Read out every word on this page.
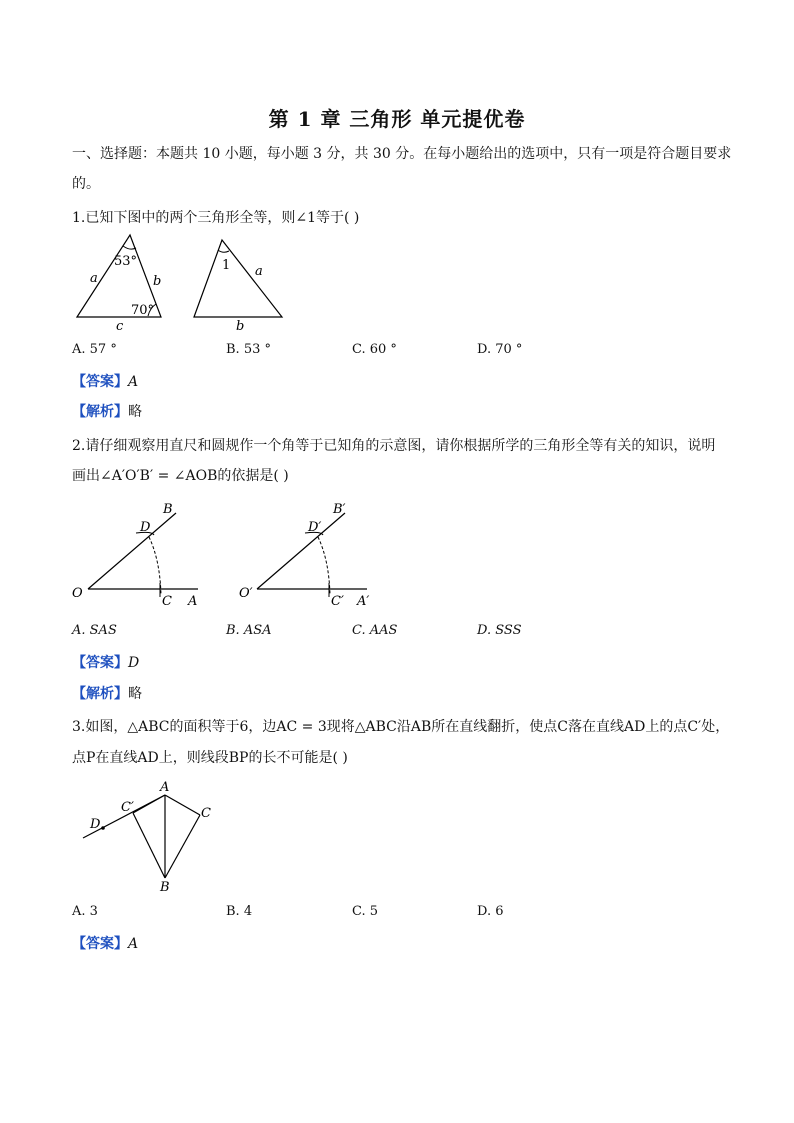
第 1 章 三角形 单元提优卷
一、选择题：本题共 10 小题，每小题 3 分，共 30 分。在每小题给出的选项中，只有一项是符合题目要求
的。
1.已知下图中的两个三角形全等，则∠1等于( )
53°
70°
a	b
c
1 a
b
A. 57 °	B. 53 °	C. 60 °	D. 70 °
【答案】A
【解析】略
2.请仔细观察用直尺和圆规作一个角等于已知角的示意图，请你根据所学的三角形全等有关的知识，说明
画出∠A′O′B′ = ∠AOB的依据是( )
B
D
O
C A
B′
D′
O′
C′ A′
A. SAS	B. ASA	C. AAS	D. SSS
【答案】D
【解析】略
3.如图，△ABC的面积等于6，边AC = 3现将△ABC沿AB所在直线翻折，使点C落在直线AD上的点C′处，
点P在直线AD上，则线段BP的长不可能是( )
A
C′	C
D
B
A. 3	B. 4	C. 5	D. 6
【答案】A
